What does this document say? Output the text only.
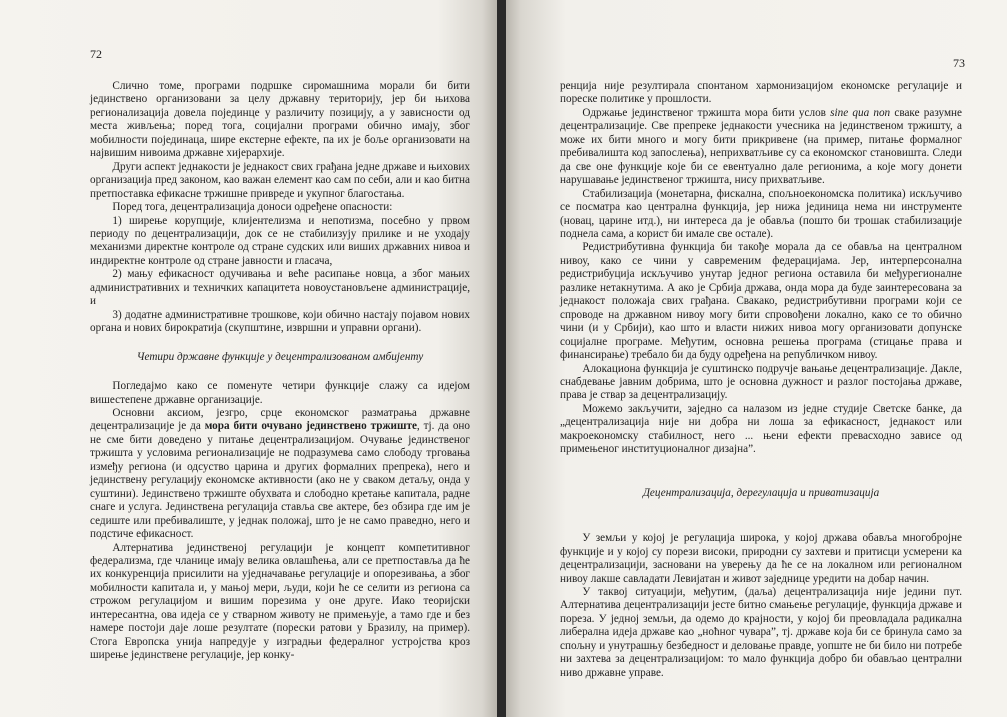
72

Слично томе, програми подршке сиромашнима морали би бити јединствено организовани за целу државну територију, јер би њихова регионализација довела појединце у различиту позицију, а у зависности од места живљења; поред тога, социјални програми обично имају, због мобилности појединаца, шире екстерне ефекте, па их је боље организовати на највишим нивоима државне хијерархије.

Други аспект једнакости је једнакост свих грађана једне државе и њихових организација пред законом, као важан елемент као сам по себи, али и као битна претпоставка ефикасне тржишне привреде и укупног благостања.

Поред тога, децентрализација доноси одређене опасности:

1) ширење корупције, клијентелизма и непотизма, посебно у првом периоду по децентрализацији, док се не стабилизују прилике и не уходају механизми директне контроле од стране судских или виших државних нивоа и индиректне контроле од стране јавности и гласача,

2) мању ефикасност одучивања и веће расипање новца, а због мањих административних и техничких капацитета новоустановљене администрације, и

3) додатне административне трошкове, који обично настају појавом нових органа и нових бирократија (скупштине, извршни и управни органи).

Четири државне функције у децентрализованом амбијенту

Погледајмо како се поменуте четири функције слажу са идејом вишестепене државне организације.

Основни аксиом, језгро, срце економског разматрања државне децентрализације је да мора бити очувано јединствено тржиште, тј. да оно не сме бити доведено у питање децентрализацијом. Очување јединственог тржишта у условима регионализације не подразумева само слободу трговања између региона (и одсуство царина и других формалних препрека), него и јединствену регулацију економске активности (ако не у сваком детаљу, онда у суштини). Јединствено тржиште обухвата и слободно кретање капитала, радне снаге и услуга. Јединствена регулација ставља све актере, без обзира где им је седиште или пребивалиште, у једнак положај, што је не само праведно, него и подстиче ефикасност.

Алтернатива јединственој регулацији је концепт компетитивног федерализма, где чланице имају велика овлашћења, али се претпоставља да ће их конкуренција присилити на уједначавање регулације и опорезивања, а због мобилности капитала и, у мањој мери, људи, који ће се селити из региона са строжом регулацијом и вишим порезима у оне друге. Иако теоријски интересантна, ова идеја се у стварном животу не примењује, а тамо где и без намере постоји даје лоше резултате (порески ратови у Бразилу, на пример). Стога Европска унија напредује у изградњи федералног устројства кроз ширење јединствене регулације, јер конку-

73

ренција није резултирала спонтаном хармонизацијом економске регулације и пореске политике у прошлости.

Одржање јединственог тржишта мора бити услов sine qua non сваке разумне децентрализације. Све препреке једнакости учесника на јединственом тржишту, а може их бити много и могу бити прикривене (на пример, питање формалног пребивалишта код запослења), неприхватљиве су са економског становишта. Следи да све оне функције које би се евентуално дале регионима, а које могу донети нарушавање јединственог тржишта, нису прихватљиве.

Стабилизација (монетарна, фискална, спољноекономска политика) искључиво се посматра као централна функција, јер нижа јединица нема ни инструменте (новац, царине итд.), ни интереса да је обавља (пошто би трошак стабилизације поднела сама, а корист би имале све остале).

Редистрибутивна функција би такође морала да се обавља на централном нивоу, како се чини у савременим федерацијама. Јер, интерперсонална редистрибуција искључиво унутар једног региона оставила би међурегионалне разлике нетакнутима. А ако је Србија држава, онда мора да буде заинтересована за једнакост положаја свих грађана. Свакако, редистрибутивни програми који се спроводе на државном нивоу могу бити спровођени локално, како се то обично чини (и у Србији), као што и власти нижих нивоа могу организовати допунске социјалне програме. Међутим, основна решења програма (стицање права и финансирање) требало би да буду одређена на републичком нивоу.

Алокациона функција је суштинско подручје вањање децентрализације. Дакле, снабдевање јавним добрима, што је основна дужност и разлог постојања државе, права је ствар за децентрализацију.

Можемо закључити, заједно са налазом из једне студије Светске банке, да „децентрализација није ни добра ни лоша за ефикасност, једнакост или макроекономску стабилност, него ... њени ефекти превасходно зависе од примењеног институционалног дизајна”.

Децентрализација, дерегулација и приватизација

У земљи у којој је регулација широка, у којој држава обавља многобројне функције и у којој су порези високи, природни су захтеви и притисци усмерени ка децентрализацији, засновани на уверењу да ће се на локалном или регионалном нивоу лакше савладати Левијатан и живот заједнице уредити на добар начин.

У таквој ситуацији, међутим, (даља) децентрализација није једини пут. Алтернатива децентрализацији јесте битно смањење регулације, функција државе и пореза. У једној земљи, да одемо до крајности, у којој би преовладала радикална либерална идеја државе као „ноћног чувара”, тј. државе која би се бринула само за спољну и унутрашњу безбедност и деловање правде, уопште не би било ни потребе ни захтева за децентрализацијом: то мало функција добро би обављао централни ниво државне управе.
